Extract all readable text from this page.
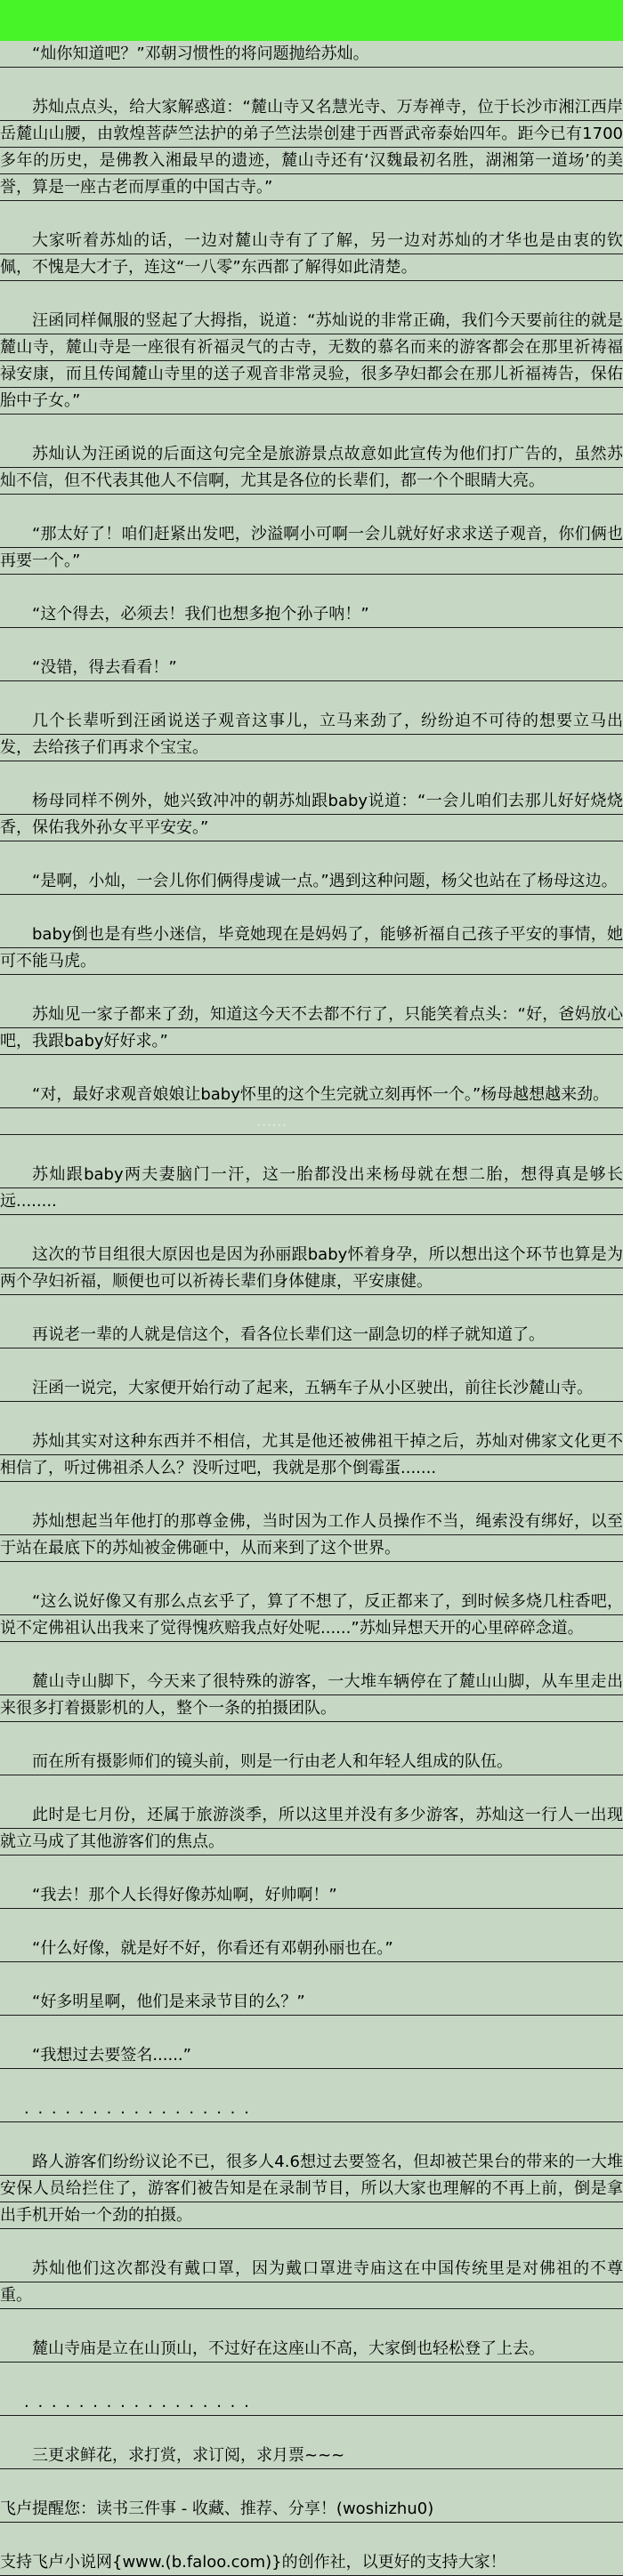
“灿你知道吧？”邓朝习惯性的将问题抛给苏灿。
苏灿点点头，给大家解惑道：“麓山寺又名慧光寺、万寿禅寺，位于长沙市湘江西岸岳麓山山腰，由敦煌菩萨竺法护的弟子竺法崇创建于西晋武帝泰始四年。距今已有1700多年的历史，是佛教入湘最早的遗迹，麓山寺还有‘汉魏最初名胜，湖湘第一道场’的美誉，算是一座古老而厚重的中国古寺。”
大家听着苏灿的话，一边对麓山寺有了了解，另一边对苏灿的才华也是由衷的钦佩，不愧是大才子，连这“一八零”东西都了解得如此清楚。
汪函同样佩服的竖起了大拇指，说道：“苏灿说的非常正确，我们今天要前往的就是麓山寺，麓山寺是一座很有祈福灵气的古寺，无数的慕名而来的游客都会在那里祈祷福禄安康，而且传闻麓山寺里的送子观音非常灵验，很多孕妇都会在那儿祈福祷告，保佑胎中子女。”
苏灿认为汪函说的后面这句完全是旅游景点故意如此宣传为他们打广告的，虽然苏灿不信，但不代表其他人不信啊，尤其是各位的长辈们，都一个个眼睛大亮。
“那太好了！咱们赶紧出发吧，沙溢啊小可啊一会儿就好好求求送子观音，你们俩也再要一个。”
“这个得去，必须去！我们也想多抱个孙子呐！”
“没错，得去看看！”
几个长辈听到汪函说送子观音这事儿，立马来劲了，纷纷迫不可待的想要立马出发，去给孩子们再求个宝宝。
杨母同样不例外，她兴致冲冲的朝苏灿跟baby说道：“一会儿咱们去那儿好好烧烧香，保佑我外孙女平平安安。”
“是啊，小灿，一会儿你们俩得虔诚一点。”遇到这种问题，杨父也站在了杨母这边。
baby倒也是有些小迷信，毕竟她现在是妈妈了，能够祈福自己孩子平安的事情，她可不能马虎。
苏灿见一家子都来了劲，知道这今天不去都不行了，只能笑着点头：“好，爸妈放心吧，我跟baby好好求。”
“对，最好求观音娘娘让baby怀里的这个生完就立刻再怀一个。”杨母越想越来劲。
......
苏灿跟baby两夫妻脑门一汗，这一胎都没出来杨母就在想二胎，想得真是够长远........
这次的节目组很大原因也是因为孙丽跟baby怀着身孕，所以想出这个环节也算是为两个孕妇祈福，顺便也可以祈祷长辈们身体健康，平安康健。
再说老一辈的人就是信这个，看各位长辈们这一副急切的样子就知道了。
汪函一说完，大家便开始行动了起来，五辆车子从小区驶出，前往长沙麓山寺。
苏灿其实对这种东西并不相信，尤其是他还被佛祖干掉之后，苏灿对佛家文化更不相信了，听过佛祖杀人么？没听过吧，我就是那个倒霉蛋.......
苏灿想起当年他打的那尊金佛，当时因为工作人员操作不当，绳索没有绑好，以至于站在最底下的苏灿被金佛砸中，从而来到了这个世界。
“这么说好像又有那么点玄乎了，算了不想了，反正都来了，到时候多烧几柱香吧，说不定佛祖认出我来了觉得愧疚赔我点好处呢......”苏灿异想天开的心里碎碎念道。
麓山寺山脚下，今天来了很特殊的游客，一大堆车辆停在了麓山山脚，从车里走出来很多打着摄影机的人，整个一条的拍摄团队。
而在所有摄影师们的镜头前，则是一行由老人和年轻人组成的队伍。
此时是七月份，还属于旅游淡季，所以这里并没有多少游客，苏灿这一行人一出现就立马成了其他游客们的焦点。
“我去！那个人长得好像苏灿啊，好帅啊！”
“什么好像，就是好不好，你看还有邓朝孙丽也在。”
“好多明星啊，他们是来录节目的么？”
“我想过去要签名......”
. . . . . . . . . . . . . . . . .
路人游客们纷纷议论不已，很多人4.6想过去要签名，但却被芒果台的带来的一大堆安保人员给拦住了，游客们被告知是在录制节目，所以大家也理解的不再上前，倒是拿出手机开始一个劲的拍摄。
苏灿他们这次都没有戴口罩，因为戴口罩进寺庙这在中国传统里是对佛祖的不尊重。
麓山寺庙是立在山顶山，不过好在这座山不高，大家倒也轻松登了上去。
. . . . . . . . . . . . . . . . .
三更求鲜花，求打赏，求订阅，求月票~~~
飞卢提醒您：读书三件事 - 收藏、推荐、分享！(woshizhu0)
支持飞卢小说网{www.(b.faloo.com)}的创作社，以更好的支持大家！
